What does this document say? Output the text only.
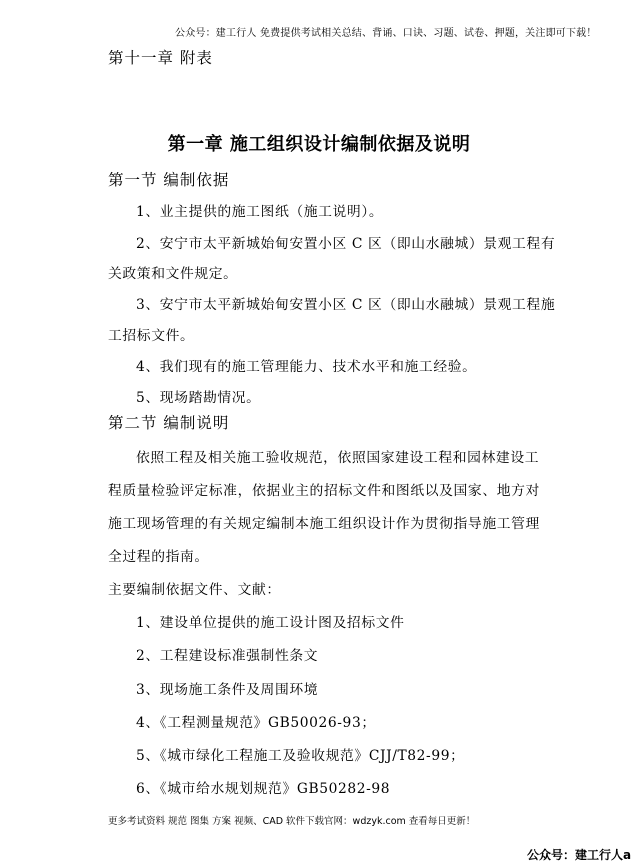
公众号：建工行人 免费提供考试相关总结、背诵、口诀、习题、试卷、押题，关注即可下载！
第十一章 附表
第一章 施工组织设计编制依据及说明
第一节 编制依据
1、业主提供的施工图纸（施工说明）。
2、安宁市太平新城始甸安置小区 C 区（即山水融城）景观工程有
关政策和文件规定。
3、安宁市太平新城始甸安置小区 C 区（即山水融城）景观工程施
工招标文件。
4、我们现有的施工管理能力、技术水平和施工经验。
5、现场踏勘情况。
第二节 编制说明
依照工程及相关施工验收规范，依照国家建设工程和园林建设工
程质量检验评定标准，依据业主的招标文件和图纸以及国家、地方对
施工现场管理的有关规定编制本施工组织设计作为贯彻指导施工管理
全过程的指南。
主要编制依据文件、文献：
1、建设单位提供的施工设计图及招标文件
2、工程建设标准强制性条文
3、现场施工条件及周围环境
4、《工程测量规范》GB50026-93；
5、《城市绿化工程施工及验收规范》CJJ/T82-99；
6、《城市给水规划规范》GB50282-98
更多考试资料 规范 图集 方案 视频、CAD 软件下载官网：wdzyk.com 查看每日更新！
公众号：建工行人a
